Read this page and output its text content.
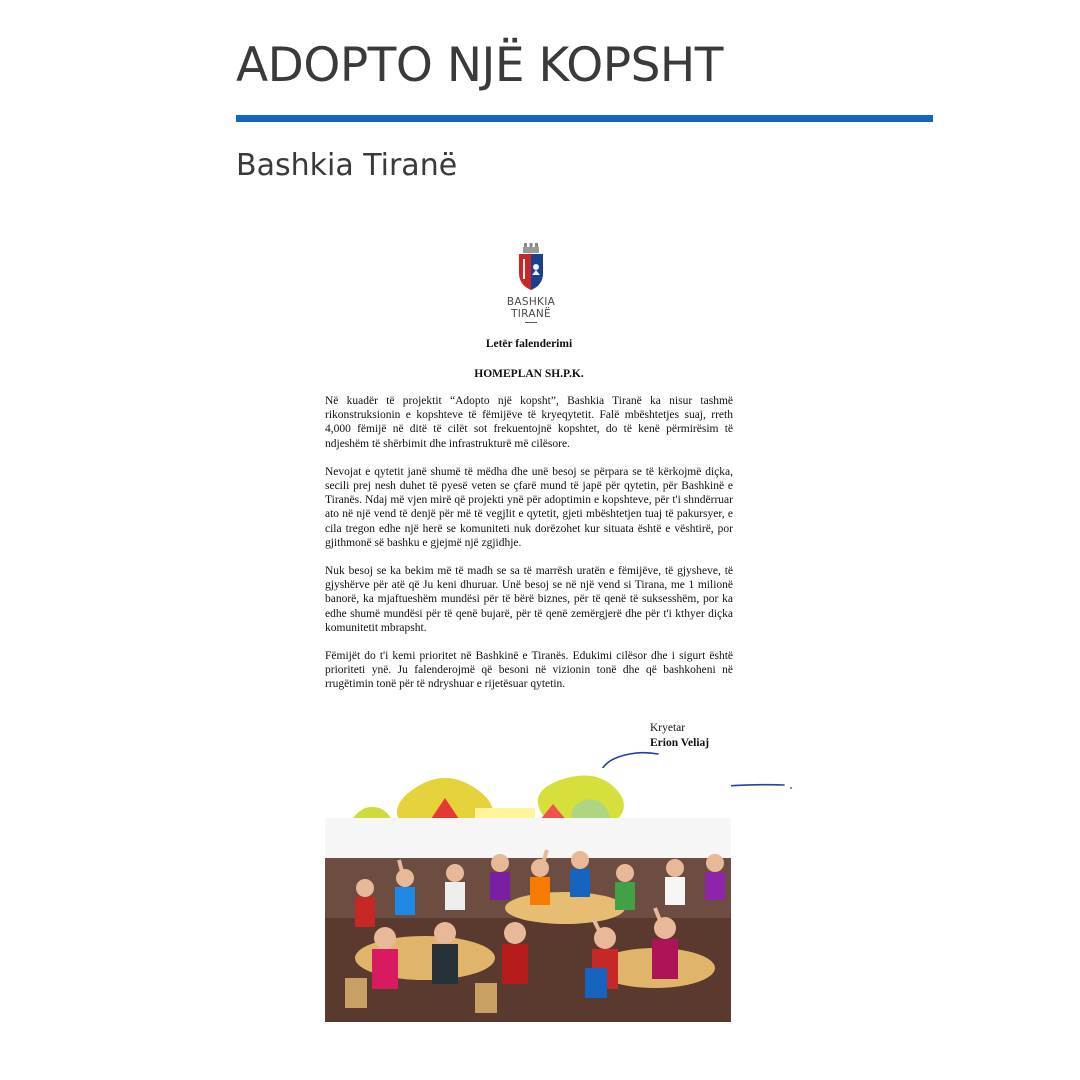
ADOPTO NJË KOPSHT
Bashkia Tiranë
BASHKIA
TIRANË
Letër falenderimi
HOMEPLAN SH.P.K.

Në kuadër të projektit “Adopto një kopsht”, Bashkia Tiranë ka nisur tashmë rikonstruksionin e kopshteve të fëmijëve të kryeqytetit. Falë mbështetjes suaj, rreth 4,000 fëmijë në ditë të cilët sot frekuentojnë kopshtet, do të kenë përmirësim të ndjeshëm të shërbimit dhe infrastrukturë më cilësore.

Nevojat e qytetit janë shumë të mëdha dhe unë besoj se përpara se të kërkojmë diçka, secili prej nesh duhet të pyesë veten se çfarë mund të japë për qytetin, për Bashkinë e Tiranës. Ndaj më vjen mirë që projekti ynë për adoptimin e kopshteve, për t'i shndërruar ato në një vend të denjë për më të vegjlit e qytetit, gjeti mbështetjen tuaj të pakursyer, e cila tregon edhe një herë se komuniteti nuk dorëzohet kur situata është e vështirë, por gjithmonë së bashku e gjejmë një zgjidhje.

Nuk besoj se ka bekim më të madh se sa të marrësh uratën e fëmijëve, të gjysheve, të gjyshërve për atë që Ju keni dhuruar. Unë besoj se në një vend si Tirana, me 1 milionë banorë, ka mjaftueshëm mundësi për të bërë biznes, për të qenë të suksesshëm, por ka edhe shumë mundësi për të qenë bujarë, për të qenë zemërgjerë dhe për t'i kthyer diçka komunitetit mbrapsht.

Fëmijët do t'i kemi prioritet në Bashkinë e Tiranës. Edukimi cilësor dhe i sigurt është prioriteti ynë. Ju falenderojmë që besoni në vizionin tonë dhe që bashkoheni në rrugëtimin tonë për të ndryshuar e rijetësuar qytetin.

Kryetar
Erion Veliaj
